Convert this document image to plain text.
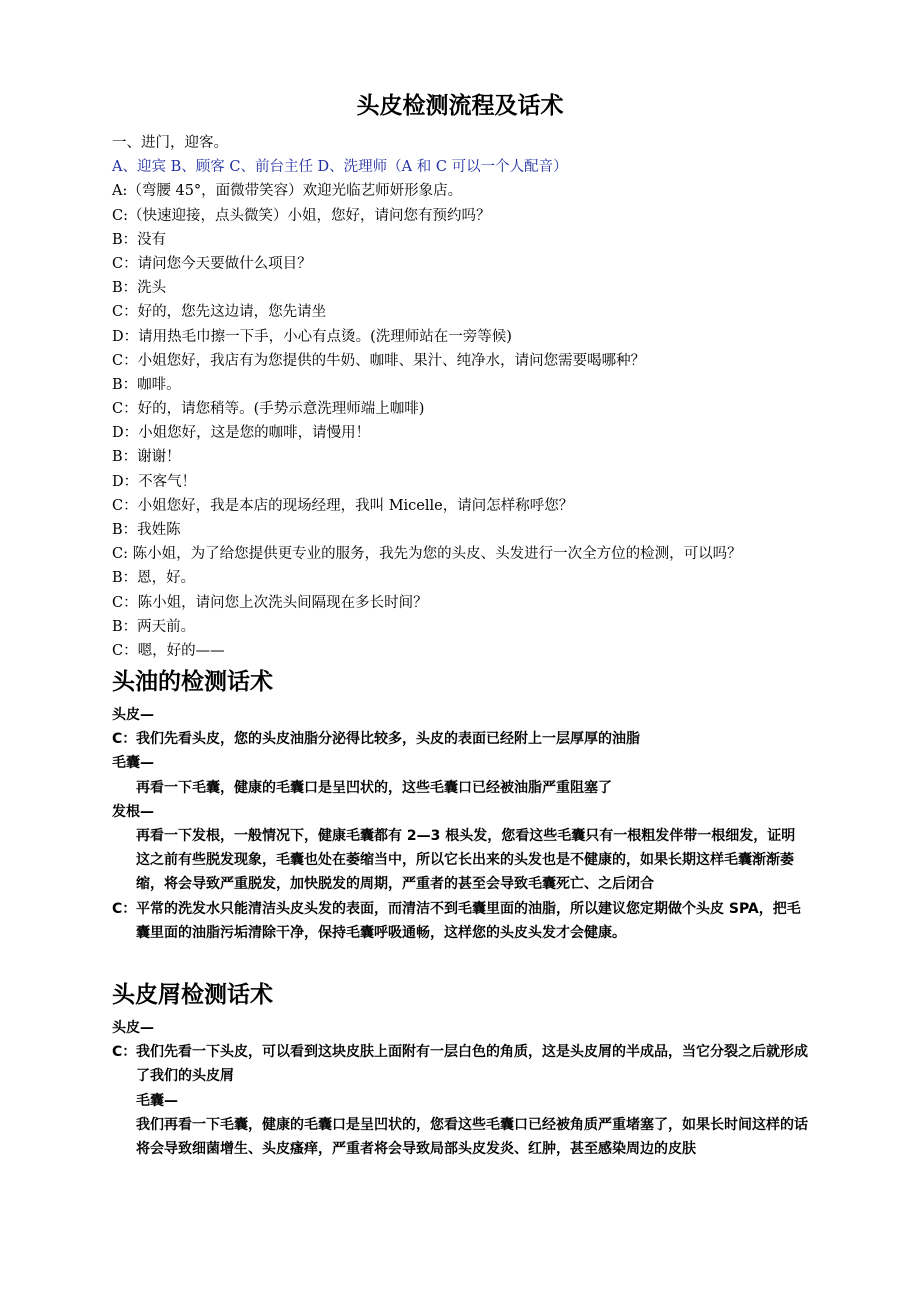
头皮检测流程及话术
一、进门，迎客。
A、迎宾 B、顾客 C、前台主任 D、洗理师（A 和 C 可以一个人配音）
A:（弯腰 45°，面微带笑容）欢迎光临艺师妍形象店。
C:（快速迎接，点头微笑）小姐，您好，请问您有预约吗？
B：没有
C：请问您今天要做什么项目？
B：洗头
C：好的，您先这边请，您先请坐
D：请用热毛巾擦一下手，小心有点烫。(洗理师站在一旁等候)
C：小姐您好，我店有为您提供的牛奶、咖啡、果汁、纯净水，请问您需要喝哪种？
B：咖啡。
C：好的，请您稍等。(手势示意洗理师端上咖啡)
D：小姐您好，这是您的咖啡，请慢用！
B：谢谢！
D：不客气！
C：小姐您好，我是本店的现场经理，我叫 Micelle，请问怎样称呼您？
B：我姓陈
C: 陈小姐，为了给您提供更专业的服务，我先为您的头皮、头发进行一次全方位的检测，可以吗？
B：恩，好。
C：陈小姐，请问您上次洗头间隔现在多长时间？
B：两天前。
C：嗯，好的——
头油的检测话术
头皮—
C： 我们先看头皮，您的头皮油脂分泌得比较多，头皮的表面已经附上一层厚厚的油脂
毛囊—
再看一下毛囊，健康的毛囊口是呈凹状的，这些毛囊口已经被油脂严重阻塞了
发根—
再看一下发根，一般情况下，健康毛囊都有 2—3 根头发，您看这些毛囊只有一根粗发伴带一根细发，证明这之前有些脱发现象，毛囊也处在萎缩当中，所以它长出来的头发也是不健康的，如果长期这样毛囊渐渐萎缩，将会导致严重脱发，加快脱发的周期，严重者的甚至会导致毛囊死亡、之后闭合
C： 平常的洗发水只能清洁头皮头发的表面，而清洁不到毛囊里面的油脂，所以建议您定期做个头皮 SPA，把毛囊里面的油脂污垢清除干净，保持毛囊呼吸通畅，这样您的头皮头发才会健康。
头皮屑检测话术
头皮—
C： 我们先看一下头皮，可以看到这块皮肤上面附有一层白色的角质，这是头皮屑的半成品，当它分裂之后就形成了我们的头皮屑
毛囊—
我们再看一下毛囊，健康的毛囊口是呈凹状的，您看这些毛囊口已经被角质严重堵塞了，如果长时间这样的话将会导致细菌增生、头皮瘙痒，严重者将会导致局部头皮发炎、红肿，甚至感染周边的皮肤
